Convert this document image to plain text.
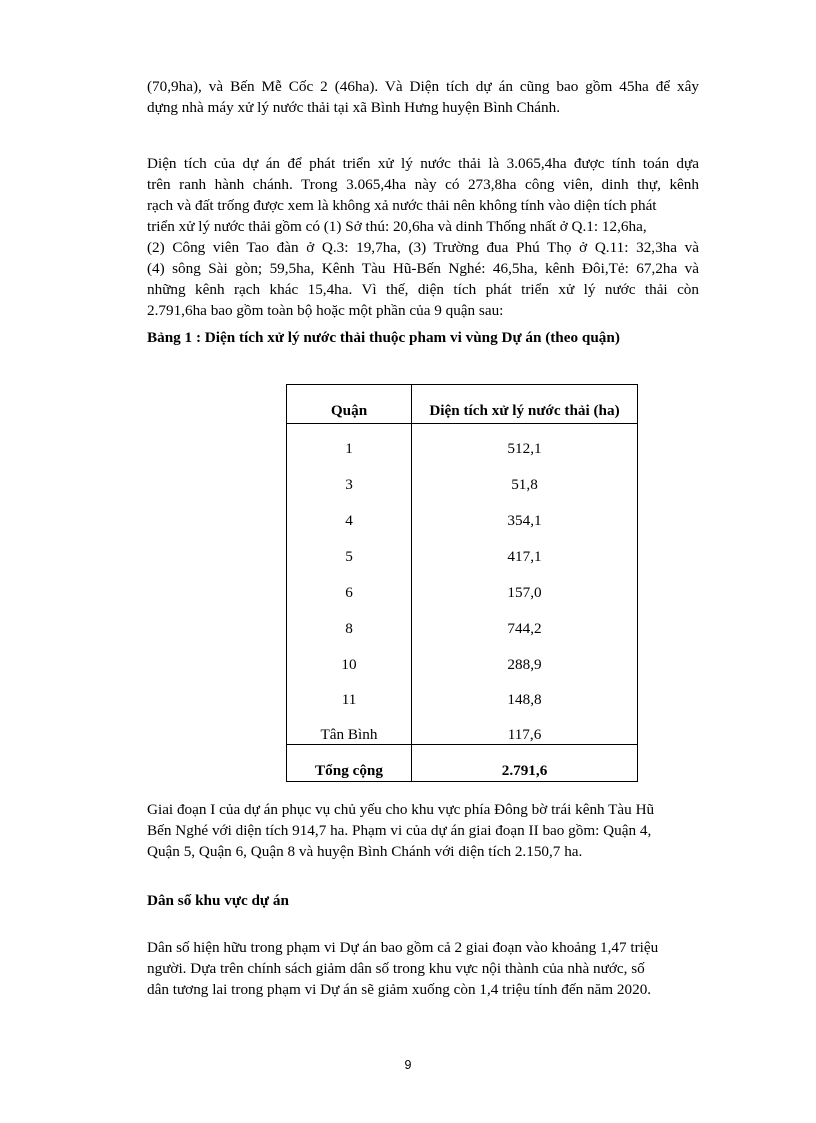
(70,9ha), và Bến Mễ Cốc 2 (46ha). Và Diện tích dự án cũng bao gồm 45ha để xây
dựng nhà máy xử lý nước thải tại xã Bình Hưng huyện Bình Chánh.

Diện tích của dự án để phát triển xử lý nước thải là 3.065,4ha được tính toán dựa
trên ranh hành chánh. Trong 3.065,4ha này có 273,8ha công viên, dinh thự, kênh
rạch và đất trống được xem là không xả nước thải nên không tính vào diện tích phát
triển xử lý nước thải gồm có (1) Sở thú: 20,6ha và dinh Thống nhất ở Q.1: 12,6ha,
(2) Công viên Tao đàn ở Q.3: 19,7ha, (3) Trường đua Phú Thọ ở Q.11: 32,3ha và
(4) sông Sài gòn; 59,5ha, Kênh Tàu Hũ-Bến Nghé: 46,5ha, kênh Đôi,Tẻ: 67,2ha và
những kênh rạch khác 15,4ha. Vì thế, diện tích phát triển xử lý nước thải còn
2.791,6ha bao gồm toàn bộ hoặc một phần của 9 quận sau:

Bảng 1 : Diện tích xử lý nước thải thuộc pham vi vùng Dự án (theo quận)

Quận	Diện tích xử lý nước thải (ha)
1	512,1
3	51,8
4	354,1
5	417,1
6	157,0
8	744,2
10	288,9
11	148,8
Tân Bình	117,6
Tổng cộng	2.791,6

Giai đoạn I của dự án phục vụ chủ yếu cho khu vực phía Đông bờ trái kênh Tàu Hũ
Bến Nghé với diện tích 914,7 ha. Phạm vi của dự án giai đoạn II bao gồm: Quận 4,
Quận 5, Quận 6, Quận 8 và huyện Bình Chánh với diện tích 2.150,7 ha.

Dân số khu vực dự án

Dân số hiện hữu trong phạm vi Dự án bao gồm cả 2 giai đoạn vào khoảng 1,47 triệu
người. Dựa trên chính sách giảm dân số trong khu vực nội thành của nhà nước, số
dân tương lai trong phạm vi Dự án sẽ giảm xuống còn 1,4 triệu tính đến năm 2020.

9
